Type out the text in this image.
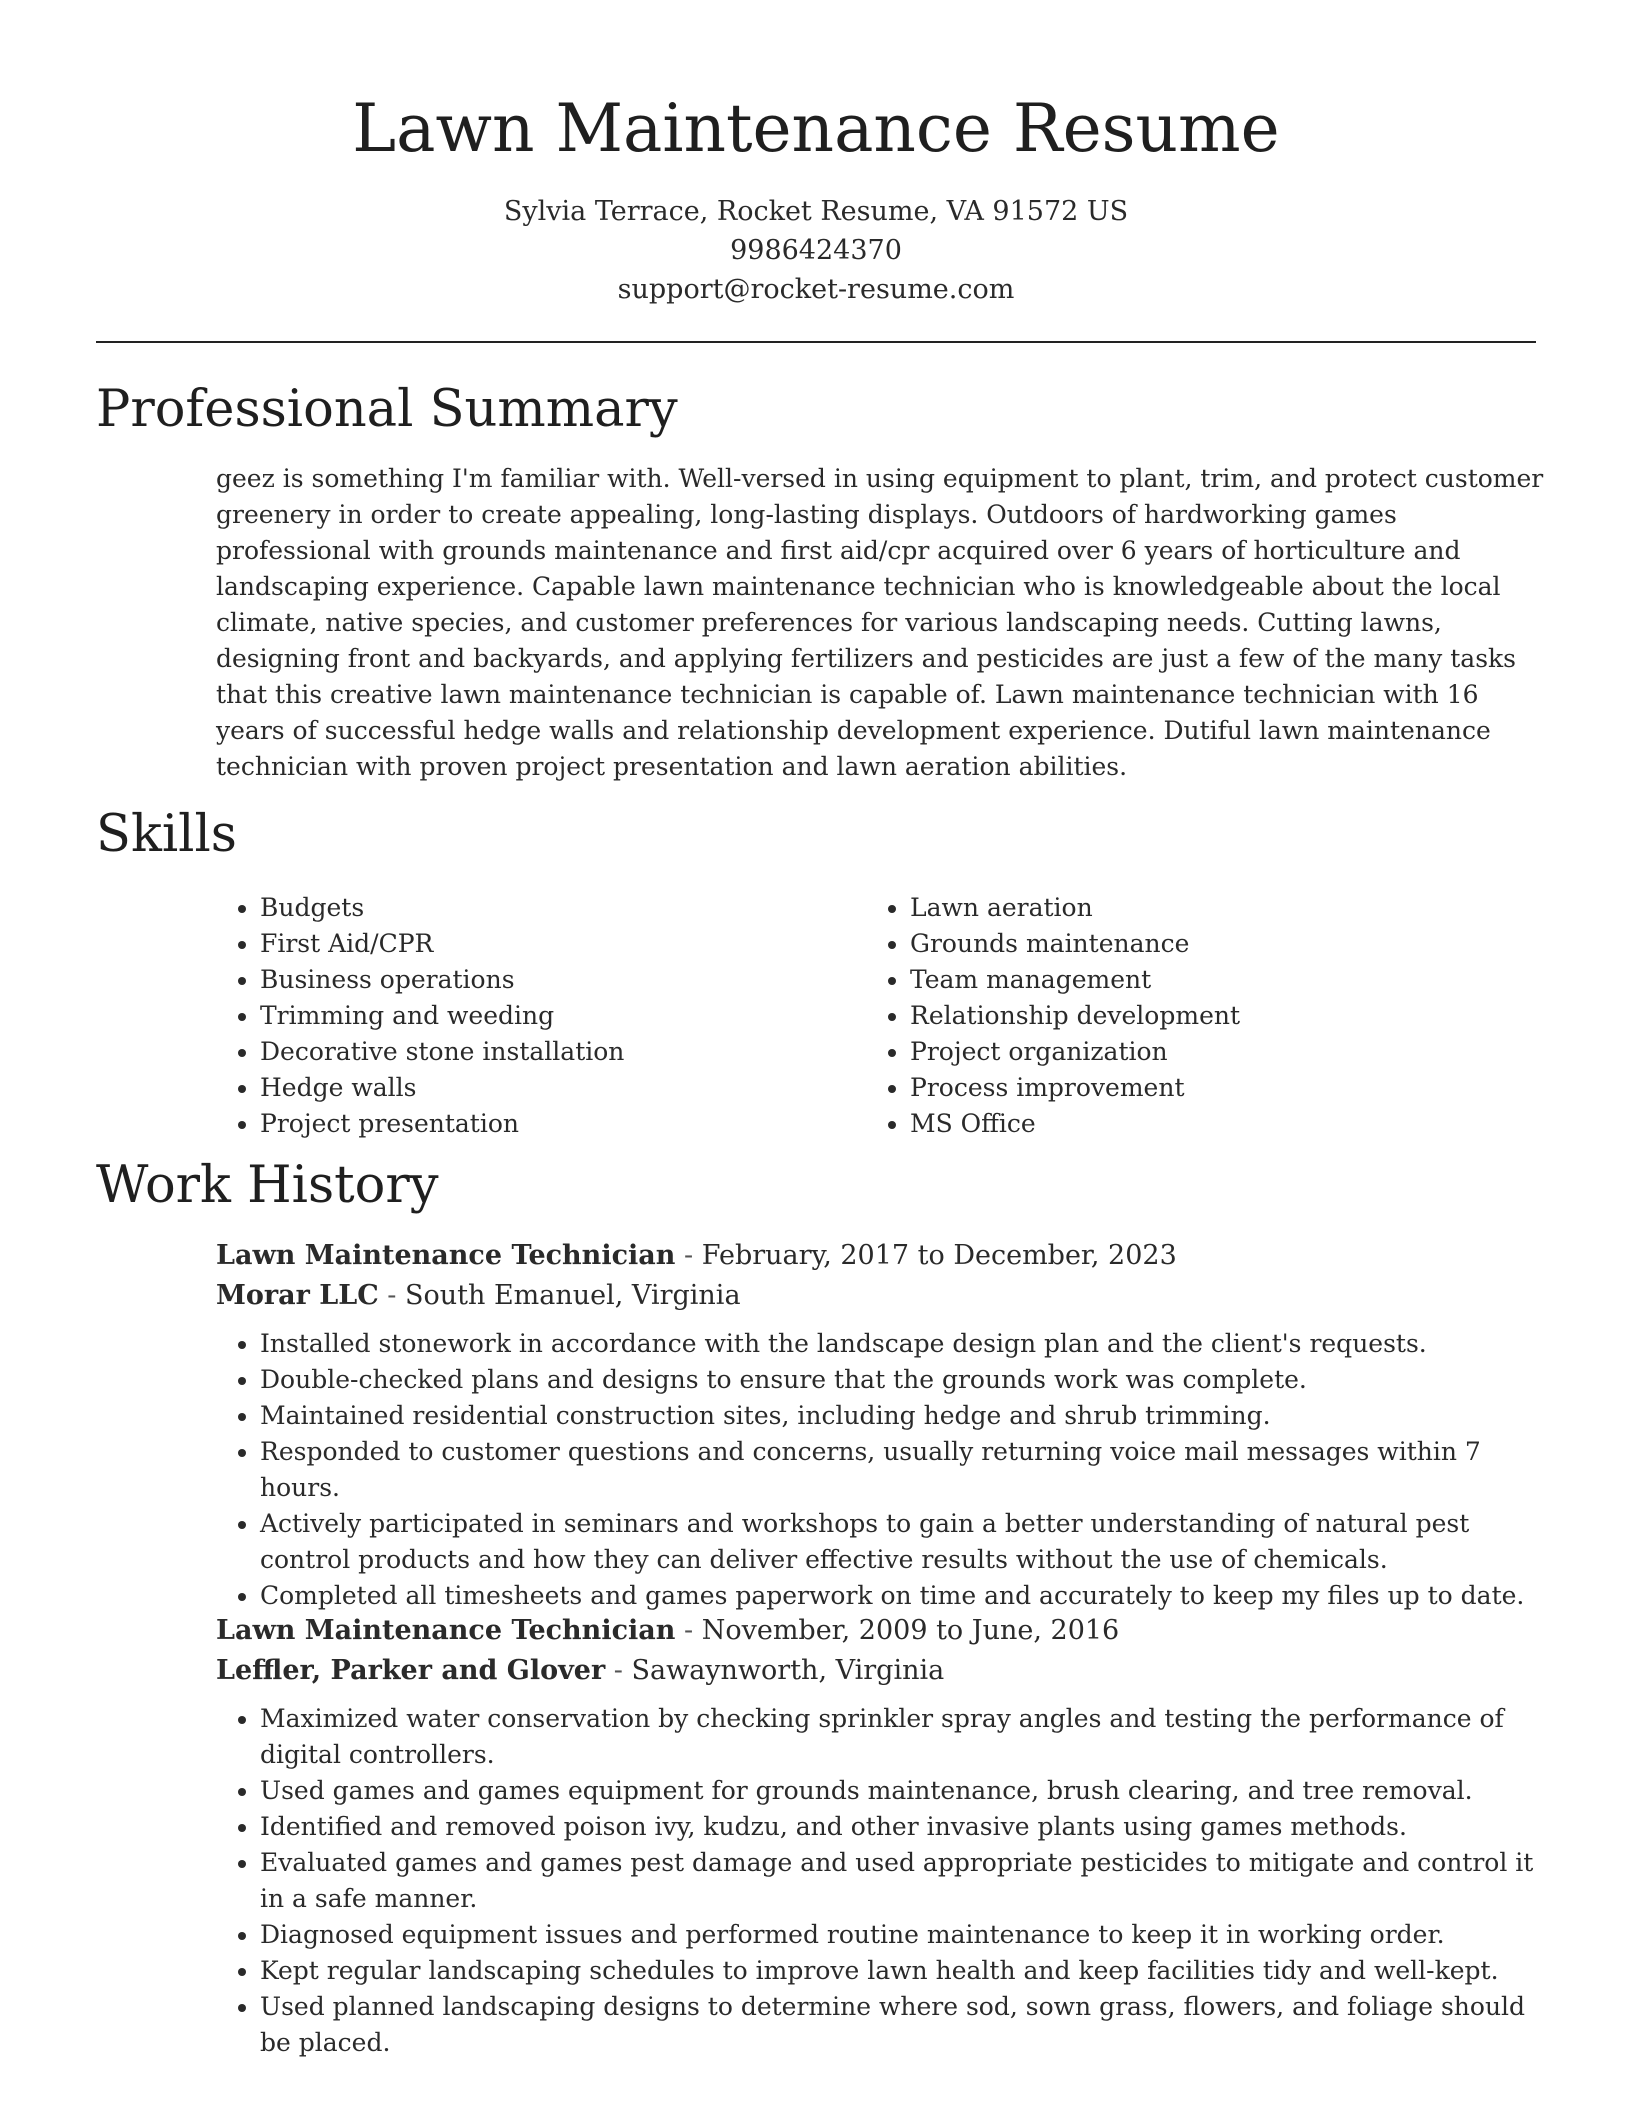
Lawn Maintenance Resume
Sylvia Terrace, Rocket Resume, VA 91572 US
9986424370
support@rocket-resume.com
Professional Summary

geez is something I'm familiar with. Well-versed in using equipment to plant, trim, and protect customer greenery in order to create appealing, long-lasting displays. Outdoors of hardworking games professional with grounds maintenance and first aid/cpr acquired over 6 years of horticulture and landscaping experience. Capable lawn maintenance technician who is knowledgeable about the local climate, native species, and customer preferences for various landscaping needs. Cutting lawns, designing front and backyards, and applying fertilizers and pesticides are just a few of the many tasks that this creative lawn maintenance technician is capable of. Lawn maintenance technician with 16 years of successful hedge walls and relationship development experience. Dutiful lawn maintenance technician with proven project presentation and lawn aeration abilities.

Skills
• Budgets
• First Aid/CPR
• Business operations
• Trimming and weeding
• Decorative stone installation
• Hedge walls
• Project presentation
• Lawn aeration
• Grounds maintenance
• Team management
• Relationship development
• Project organization
• Process improvement
• MS Office
Work History
Lawn Maintenance Technician - February, 2017 to December, 2023
Morar LLC - South Emanuel, Virginia
• Installed stonework in accordance with the landscape design plan and the client's requests.
• Double-checked plans and designs to ensure that the grounds work was complete.
• Maintained residential construction sites, including hedge and shrub trimming.
• Responded to customer questions and concerns, usually returning voice mail messages within 7 hours.
• Actively participated in seminars and workshops to gain a better understanding of natural pest control products and how they can deliver effective results without the use of chemicals.
• Completed all timesheets and games paperwork on time and accurately to keep my files up to date.
Lawn Maintenance Technician - November, 2009 to June, 2016
Leffler, Parker and Glover - Sawaynworth, Virginia
• Maximized water conservation by checking sprinkler spray angles and testing the performance of digital controllers.
• Used games and games equipment for grounds maintenance, brush clearing, and tree removal.
• Identified and removed poison ivy, kudzu, and other invasive plants using games methods.
• Evaluated games and games pest damage and used appropriate pesticides to mitigate and control it in a safe manner.
• Diagnosed equipment issues and performed routine maintenance to keep it in working order.
• Kept regular landscaping schedules to improve lawn health and keep facilities tidy and well-kept.
• Used planned landscaping designs to determine where sod, sown grass, flowers, and foliage should be placed.
